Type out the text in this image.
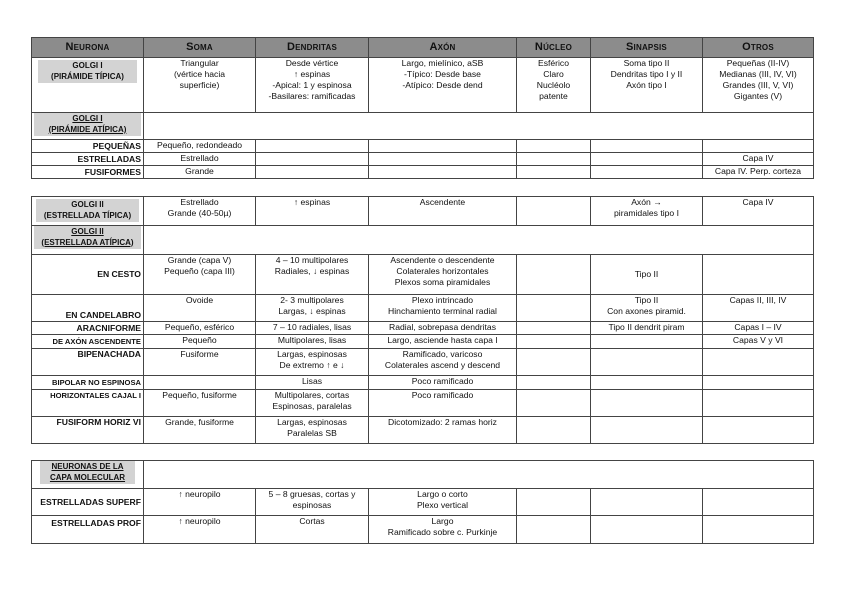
Neurona	Soma	Dendritas	Axón	Núcleo	Sinapsis	Otros

GOLGI I
(PIRÁMIDE TÍPICA)	Triangular
(vértice hacia
superficie)	Desde vértice
↑ espinas
-Apical: 1 y espinosa
-Basilares: ramificadas	Largo, mielínico, aSB
-Típico: Desde base
-Atípico: Desde dend	Esférico
Claro
Nucléolo
patente	Soma tipo II
Dendritas tipo I y II
Axón tipo I	Pequeñas (II-IV)
Medianas (III, IV, VI)
Grandes (III, V, VI)
Gigantes (V)

GOLGI I
(PIRÁMIDE ATÍPICA)						

PEQUEÑAS	Pequeño, redondeado					
ESTRELLADAS	Estrellado					Capa IV
FUSIFORMES	Grande					Capa IV. Perp. corteza
GOLGI II
(ESTRELLADA TÍPICA)	Estrellado
Grande (40-50µ)	↑ espinas	Ascendente		Axón →
piramidales tipo I	Capa IV

GOLGI II
(ESTRELLADA ATÍPICA)						

EN CESTO	Grande (capa V)
Pequeño (capa III)	4 – 10 multipolares
Radiales, ↓ espinas	Ascendente o descendente
Colaterales horizontales
Plexos soma piramidales		Tipo II	
EN CANDELABRO	Ovoide	2- 3 multipolares
Largas, ↓ espinas	Plexo intrincado
Hinchamiento terminal radial		Tipo II
Con axones piramid.	Capas II, III, IV
ARACNIFORME	Pequeño, esférico	7 – 10 radiales, lisas	Radial, sobrepasa dendritas		Tipo II dendrit piram	Capas I – IV
DE AXÓN ASCENDENTE	Pequeño	Multipolares, lisas	Largo, asciende hasta capa I			Capas V y VI
BIPENACHADA	Fusiforme	Largas, espinosas
De extremo ↑ e ↓	Ramificado, varicoso
Colaterales ascend y descend			
BIPOLAR NO ESPINOSA		Lisas	Poco ramificado			
HORIZONTALES CAJAL I	Pequeño, fusiforme	Multipolares, cortas
Espinosas, paralelas	Poco ramificado			
FUSIFORM HORIZ VI	Grande, fusiforme	Largas, espinosas
Paralelas SB	Dicotomizado: 2 ramas horiz			
NEURONAS DE LA
CAPA MOLECULAR						

ESTRELLADAS SUPERF	↑ neuropilo	5 – 8 gruesas, cortas y
espinosas	Largo o corto
Plexo vertical			
ESTRELLADAS PROF	↑ neuropilo	Cortas	Largo
Ramificado sobre c. Purkinje			
